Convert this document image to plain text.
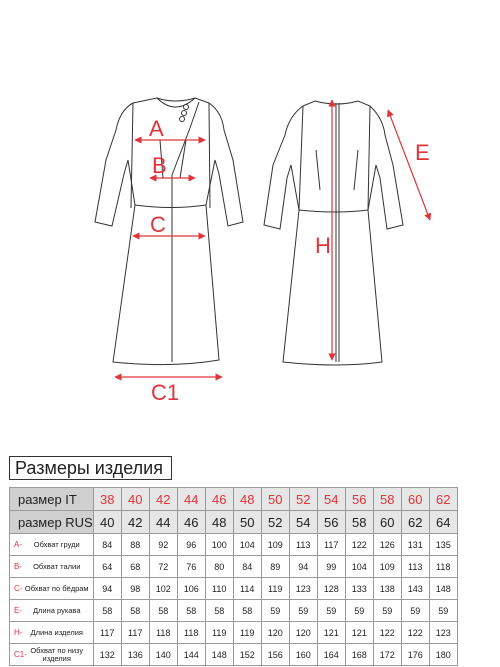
A
B
C
C1
E
H
Размеры изделия
размер IT	38	40	42	44	46	48	50	52	54	56	58	60	62
размер RUS	40	42	44	46	48	50	52	54	56	58	60	62	64
A- Обхват груди	84	88	92	96	100	104	109	113	117	122	126	131	135
B- Обхват талии	64	68	72	76	80	84	89	94	99	104	109	113	118
C- Обхват по бёдрам	94	98	102	106	110	114	119	123	128	133	138	143	148
E- Длина рукава	58	58	58	58	58	58	59	59	59	59	59	59	59
H- Длина изделия	117	117	118	118	119	119	120	120	121	121	122	122	123
C1- Обхват по низу изделия	132	136	140	144	148	152	156	160	164	168	172	176	180
